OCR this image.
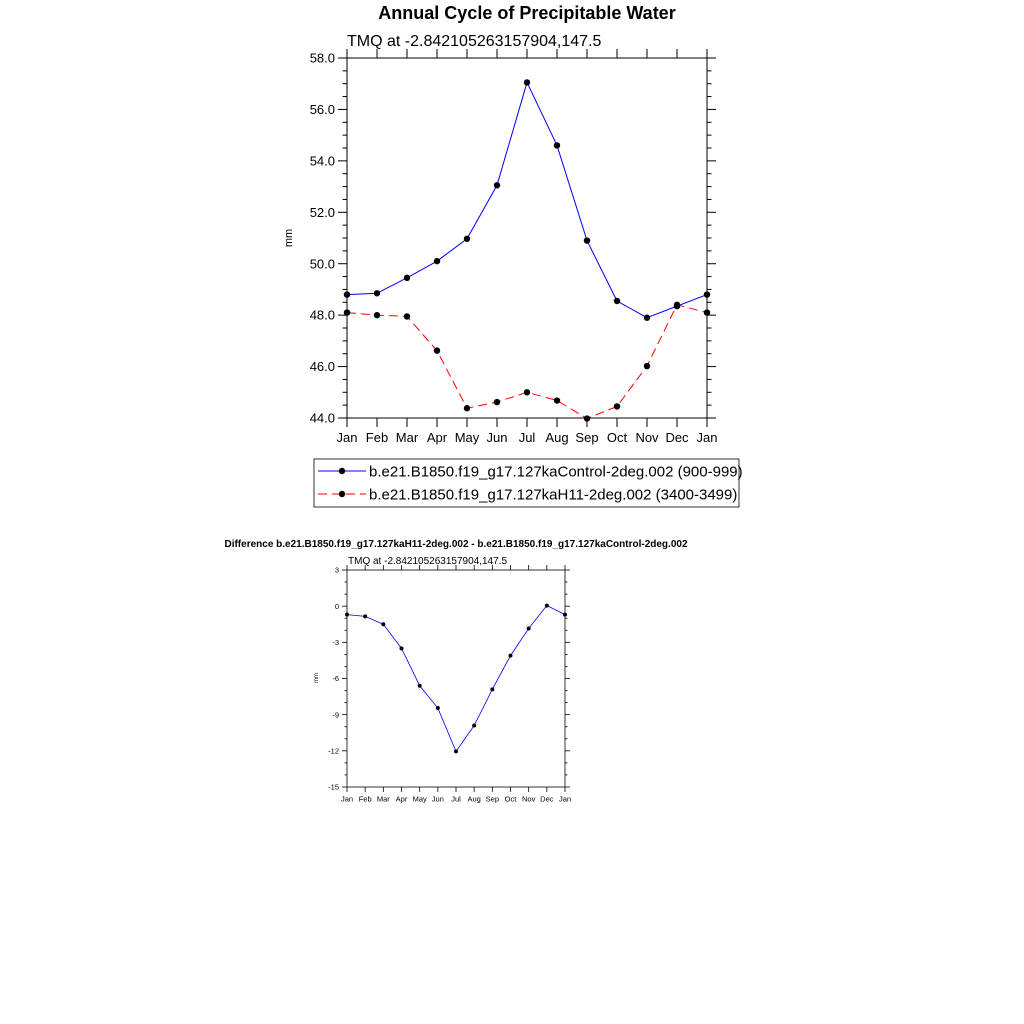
Annual Cycle of Precipitable Water
TMQ at -2.842105263157904,147.5
mm
44.0
46.0
48.0
50.0
52.0
54.0
56.0
58.0
Jan Feb Mar Apr May Jun Jul Aug Sep Oct Nov Dec Jan
b.e21.B1850.f19_g17.127kaControl-2deg.002 (900-999)
b.e21.B1850.f19_g17.127kaH11-2deg.002 (3400-3499)
Difference b.e21.B1850.f19_g17.127kaH11-2deg.002 - b.e21.B1850.f19_g17.127kaControl-2deg.002
TMQ at -2.842105263157904,147.5
mm
-15
-12
-9
-6
-3
0
3
Jan Feb Mar Apr May Jun Jul Aug Sep Oct Nov Dec Jan
